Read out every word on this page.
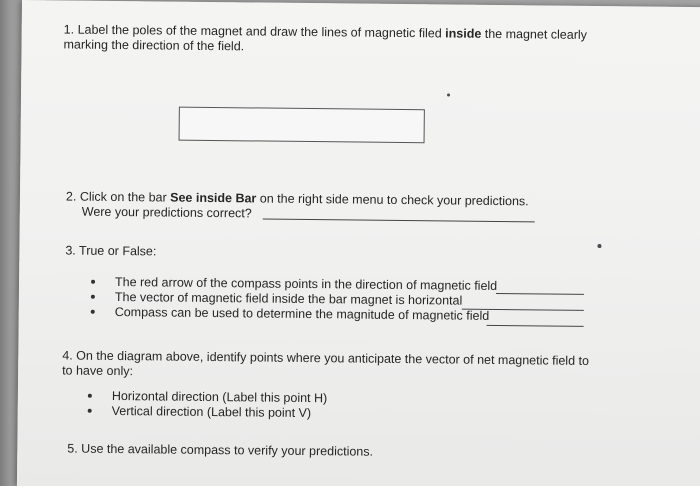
1. Label the poles of the magnet and draw the lines of magnetic filed inside the magnet clearly
marking the direction of the field.
2. Click on the bar See inside Bar on the right side menu to check your predictions.
Were your predictions correct?
3. True or False:
The red arrow of the compass points in the direction of magnetic field
The vector of magnetic field inside the bar magnet is horizontal
Compass can be used to determine the magnitude of magnetic field
4. On the diagram above, identify points where you anticipate the vector of net magnetic field to
to have only:
Horizontal direction (Label this point H)
Vertical direction (Label this point V)
5. Use the available compass to verify your predictions.
